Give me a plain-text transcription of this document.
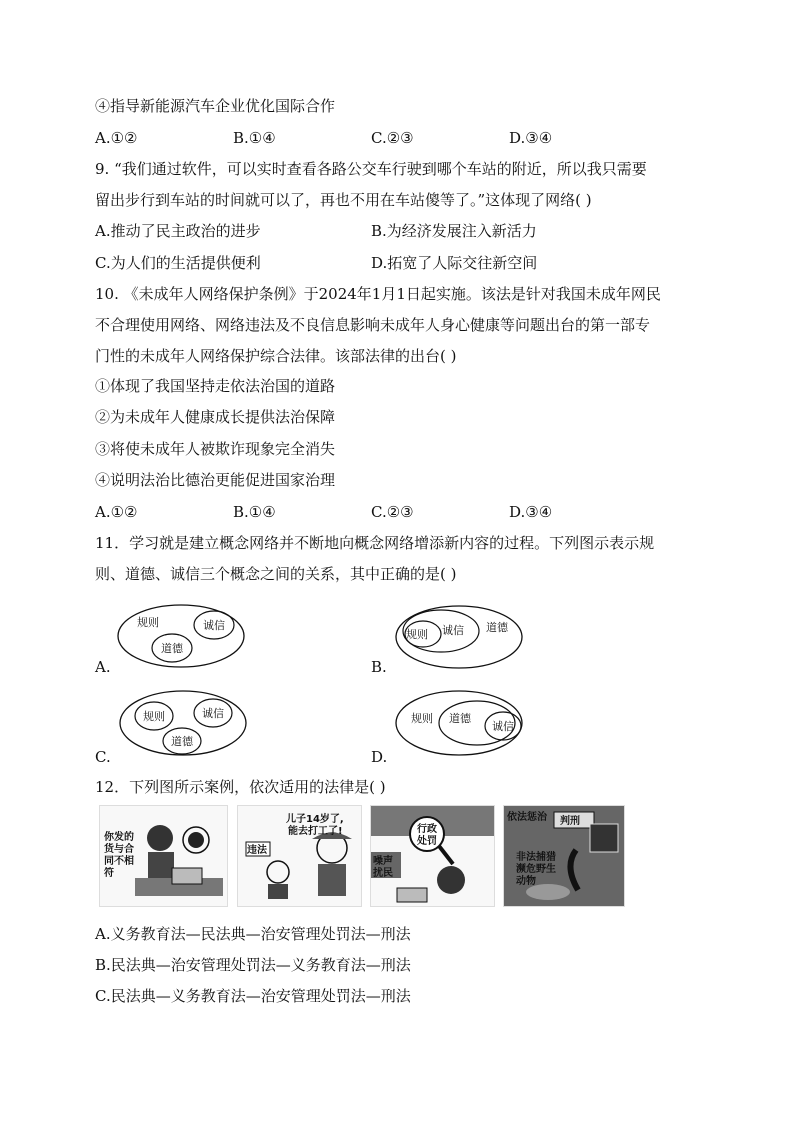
④指导新能源汽车企业优化国际合作
A.①②	B.①④	C.②③	D.③④
9. “我们通过软件，可以实时查看各路公交车行驶到哪个车站的附近，所以我只需要
留出步行到车站的时间就可以了，再也不用在车站傻等了。”这体现了网络( )
A.推动了民主政治的进步	B.为经济发展注入新活力
C.为人们的生活提供便利	D.拓宽了人际交往新空间
10. 《未成年人网络保护条例》于2024年1月1日起实施。该法是针对我国未成年网民
不合理使用网络、网络违法及不良信息影响未成年人身心健康等问题出台的第一部专
门性的未成年人网络保护综合法律。该部法律的出台( )
①体现了我国坚持走依法治国的道路
②为未成年人健康成长提供法治保障
③将使未成年人被欺诈现象完全消失
④说明法治比德治更能促进国家治理
A.①②	B.①④	C.②③	D.③④
11．学习就是建立概念网络并不断地向概念网络增添新内容的过程。下列图示表示规
则、道德、诚信三个概念之间的关系，其中正确的是( )
规则	诚信
道德
A.
规则 诚信 道德
B.
规则	诚信
道德
C.
规则 道德
诚信
D.
12．下列图所示案例，依次适用的法律是( )
你发的
货与合
同不相
符
儿子14岁了,
能去打工了!
违法
行政
处罚
噪声
扰民
依法惩治 判刑
非法捕猎
濒危野生
动物
A.义务教育法—民法典—治安管理处罚法—刑法
B.民法典—治安管理处罚法—义务教育法—刑法
C.民法典—义务教育法—治安管理处罚法—刑法
